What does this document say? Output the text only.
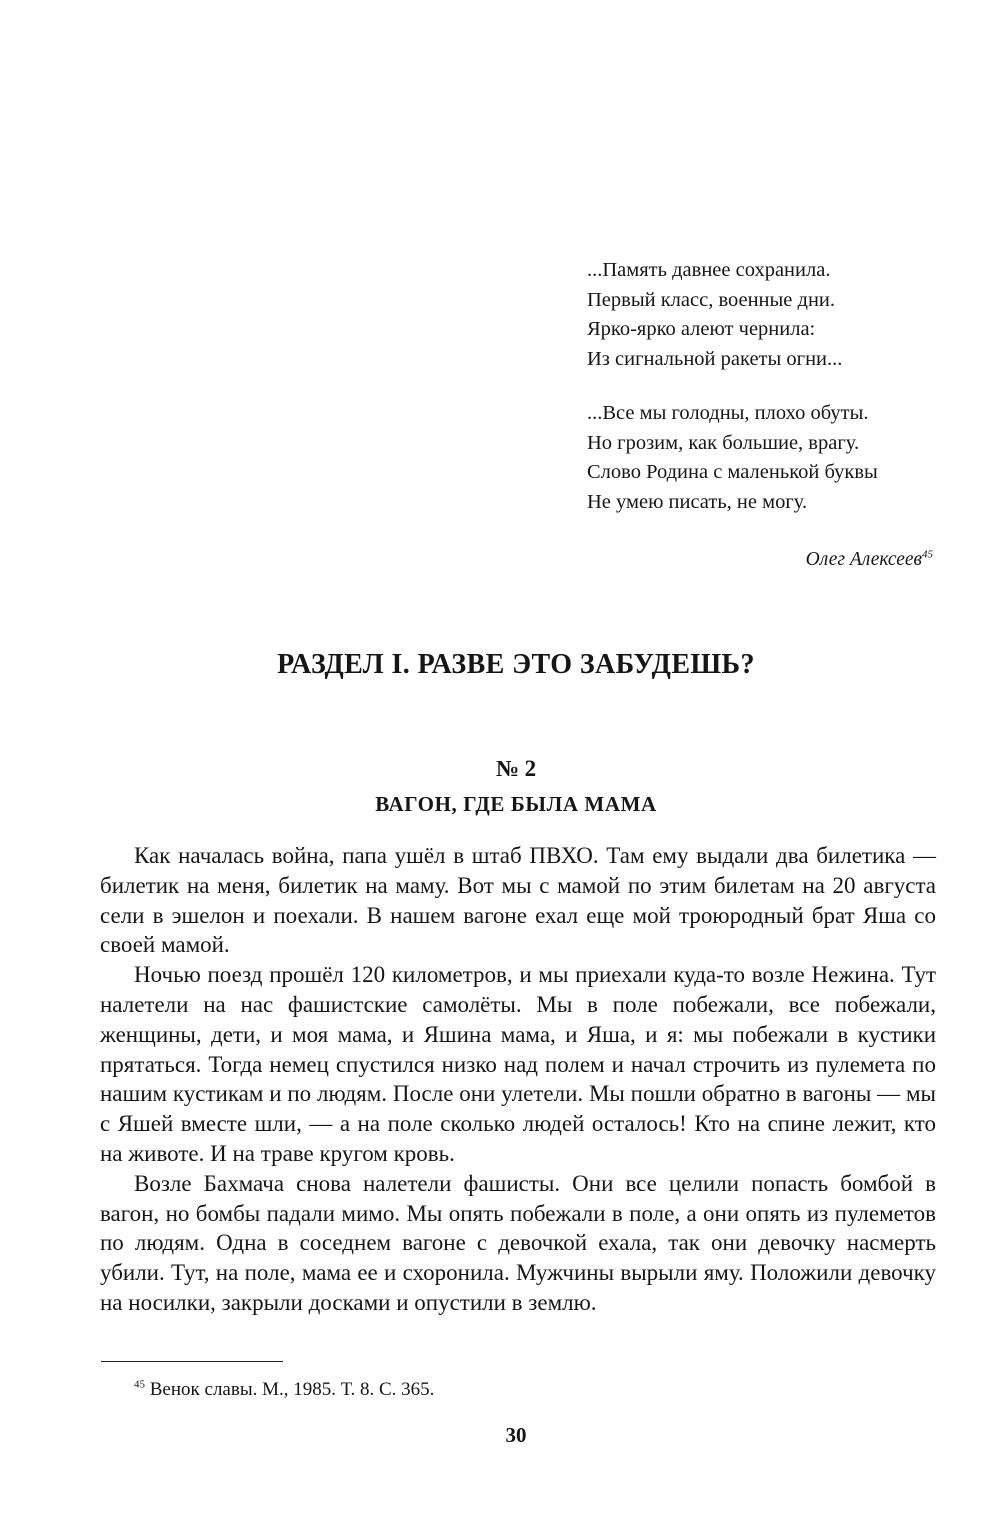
...Память давнее сохранила.
Первый класс, военные дни.
Ярко-ярко алеют чернила:
Из сигнальной ракеты огни...
...Все мы голодны, плохо обуты.
Но грозим, как большие, врагу.
Слово Родина с маленькой буквы
Не умею писать, не могу.
Олег Алексеев$^{45}$
РАЗДЕЛ I. РАЗВЕ ЭТО ЗАБУДЕШЬ?
№ 2
ВАГОН, ГДЕ БЫЛА МАМА

Как началась война, папа ушёл в штаб ПВХО. Там ему выдали два билетика — билетик на меня, билетик на маму. Вот мы с мамой по этим билетам на 20 августа сели в эшелон и поехали. В нашем вагоне ехал еще мой троюродный брат Яша со своей мамой.

Ночью поезд прошёл 120 километров, и мы приехали куда-то возле Нежина. Тут налетели на нас фашистские самолёты. Мы в поле побежали, все побежали, женщины, дети, и моя мама, и Яшина мама, и Яша, и я: мы побежали в кустики прятаться. Тогда немец спустился низко над полем и начал строчить из пулемета по нашим кустикам и по людям. После они улетели. Мы пошли обратно в вагоны — мы с Яшей вместе шли, — а на поле сколько людей осталось! Кто на спине лежит, кто на животе. И на траве кругом кровь.

Возле Бахмача снова налетели фашисты. Они все целили попасть бомбой в вагон, но бомбы падали мимо. Мы опять побежали в поле, а они опять из пулеметов по людям. Одна в соседнем вагоне с девочкой ехала, так они девочку насмерть убили. Тут, на поле, мама ее и схоронила. Мужчины вырыли яму. Положили девочку на носилки, закрыли досками и опустили в землю.

$^{45}$ Венок славы. М., 1985. Т. 8. С. 365.
30
